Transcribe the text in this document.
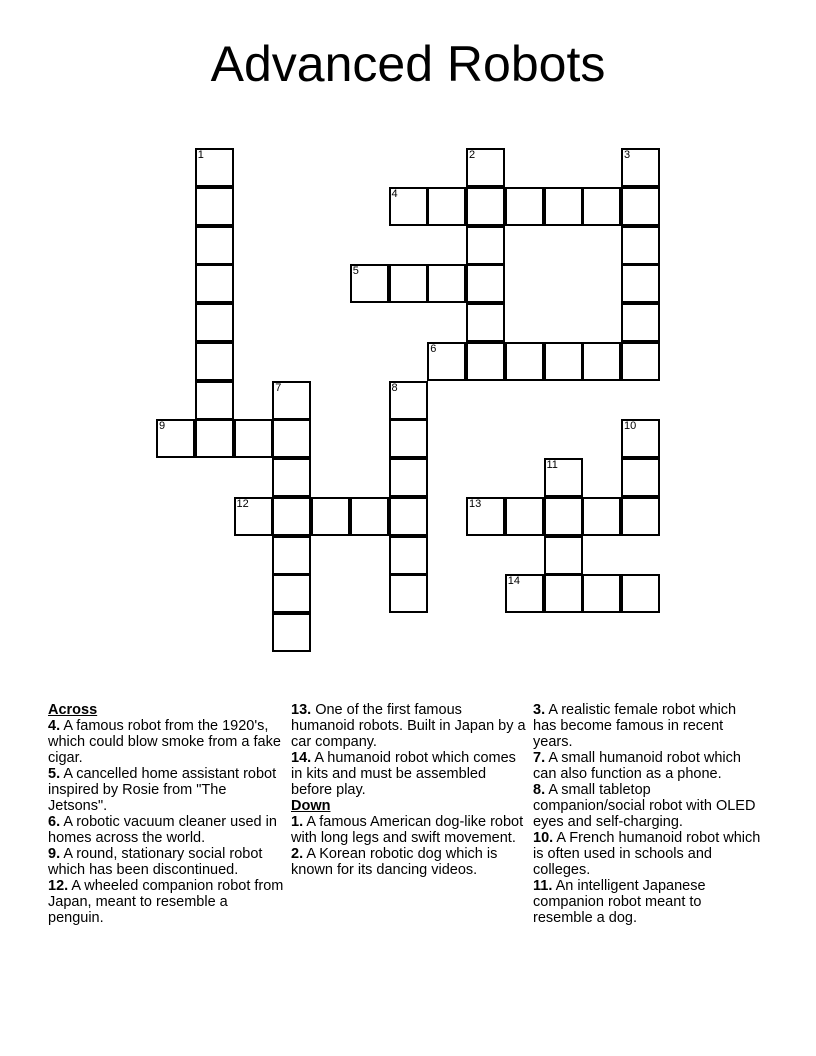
Advanced Robots
1	2	3
4
5
6
7	8
9	10
11
12	13
14
Across

4. A famous robot from the 1920's, which could blow smoke from a fake cigar.

5. A cancelled home assistant robot inspired by Rosie from "The Jetsons".

6. A robotic vacuum cleaner used in homes across the world.

9. A round, stationary social robot which has been discontinued.

12. A wheeled companion robot from Japan, meant to resemble a penguin.

13. One of the first famous humanoid robots. Built in Japan by a car company.

14. A humanoid robot which comes in kits and must be assembled before play.

Down

1. A famous American dog-like robot with long legs and swift movement.

2. A Korean robotic dog which is known for its dancing videos.

3. A realistic female robot which has become famous in recent years.

7. A small humanoid robot which can also function as a phone.

8. A small tabletop companion/social robot with OLED eyes and self-charging.

10. A French humanoid robot which is often used in schools and colleges.

11. An intelligent Japanese companion robot meant to resemble a dog.
